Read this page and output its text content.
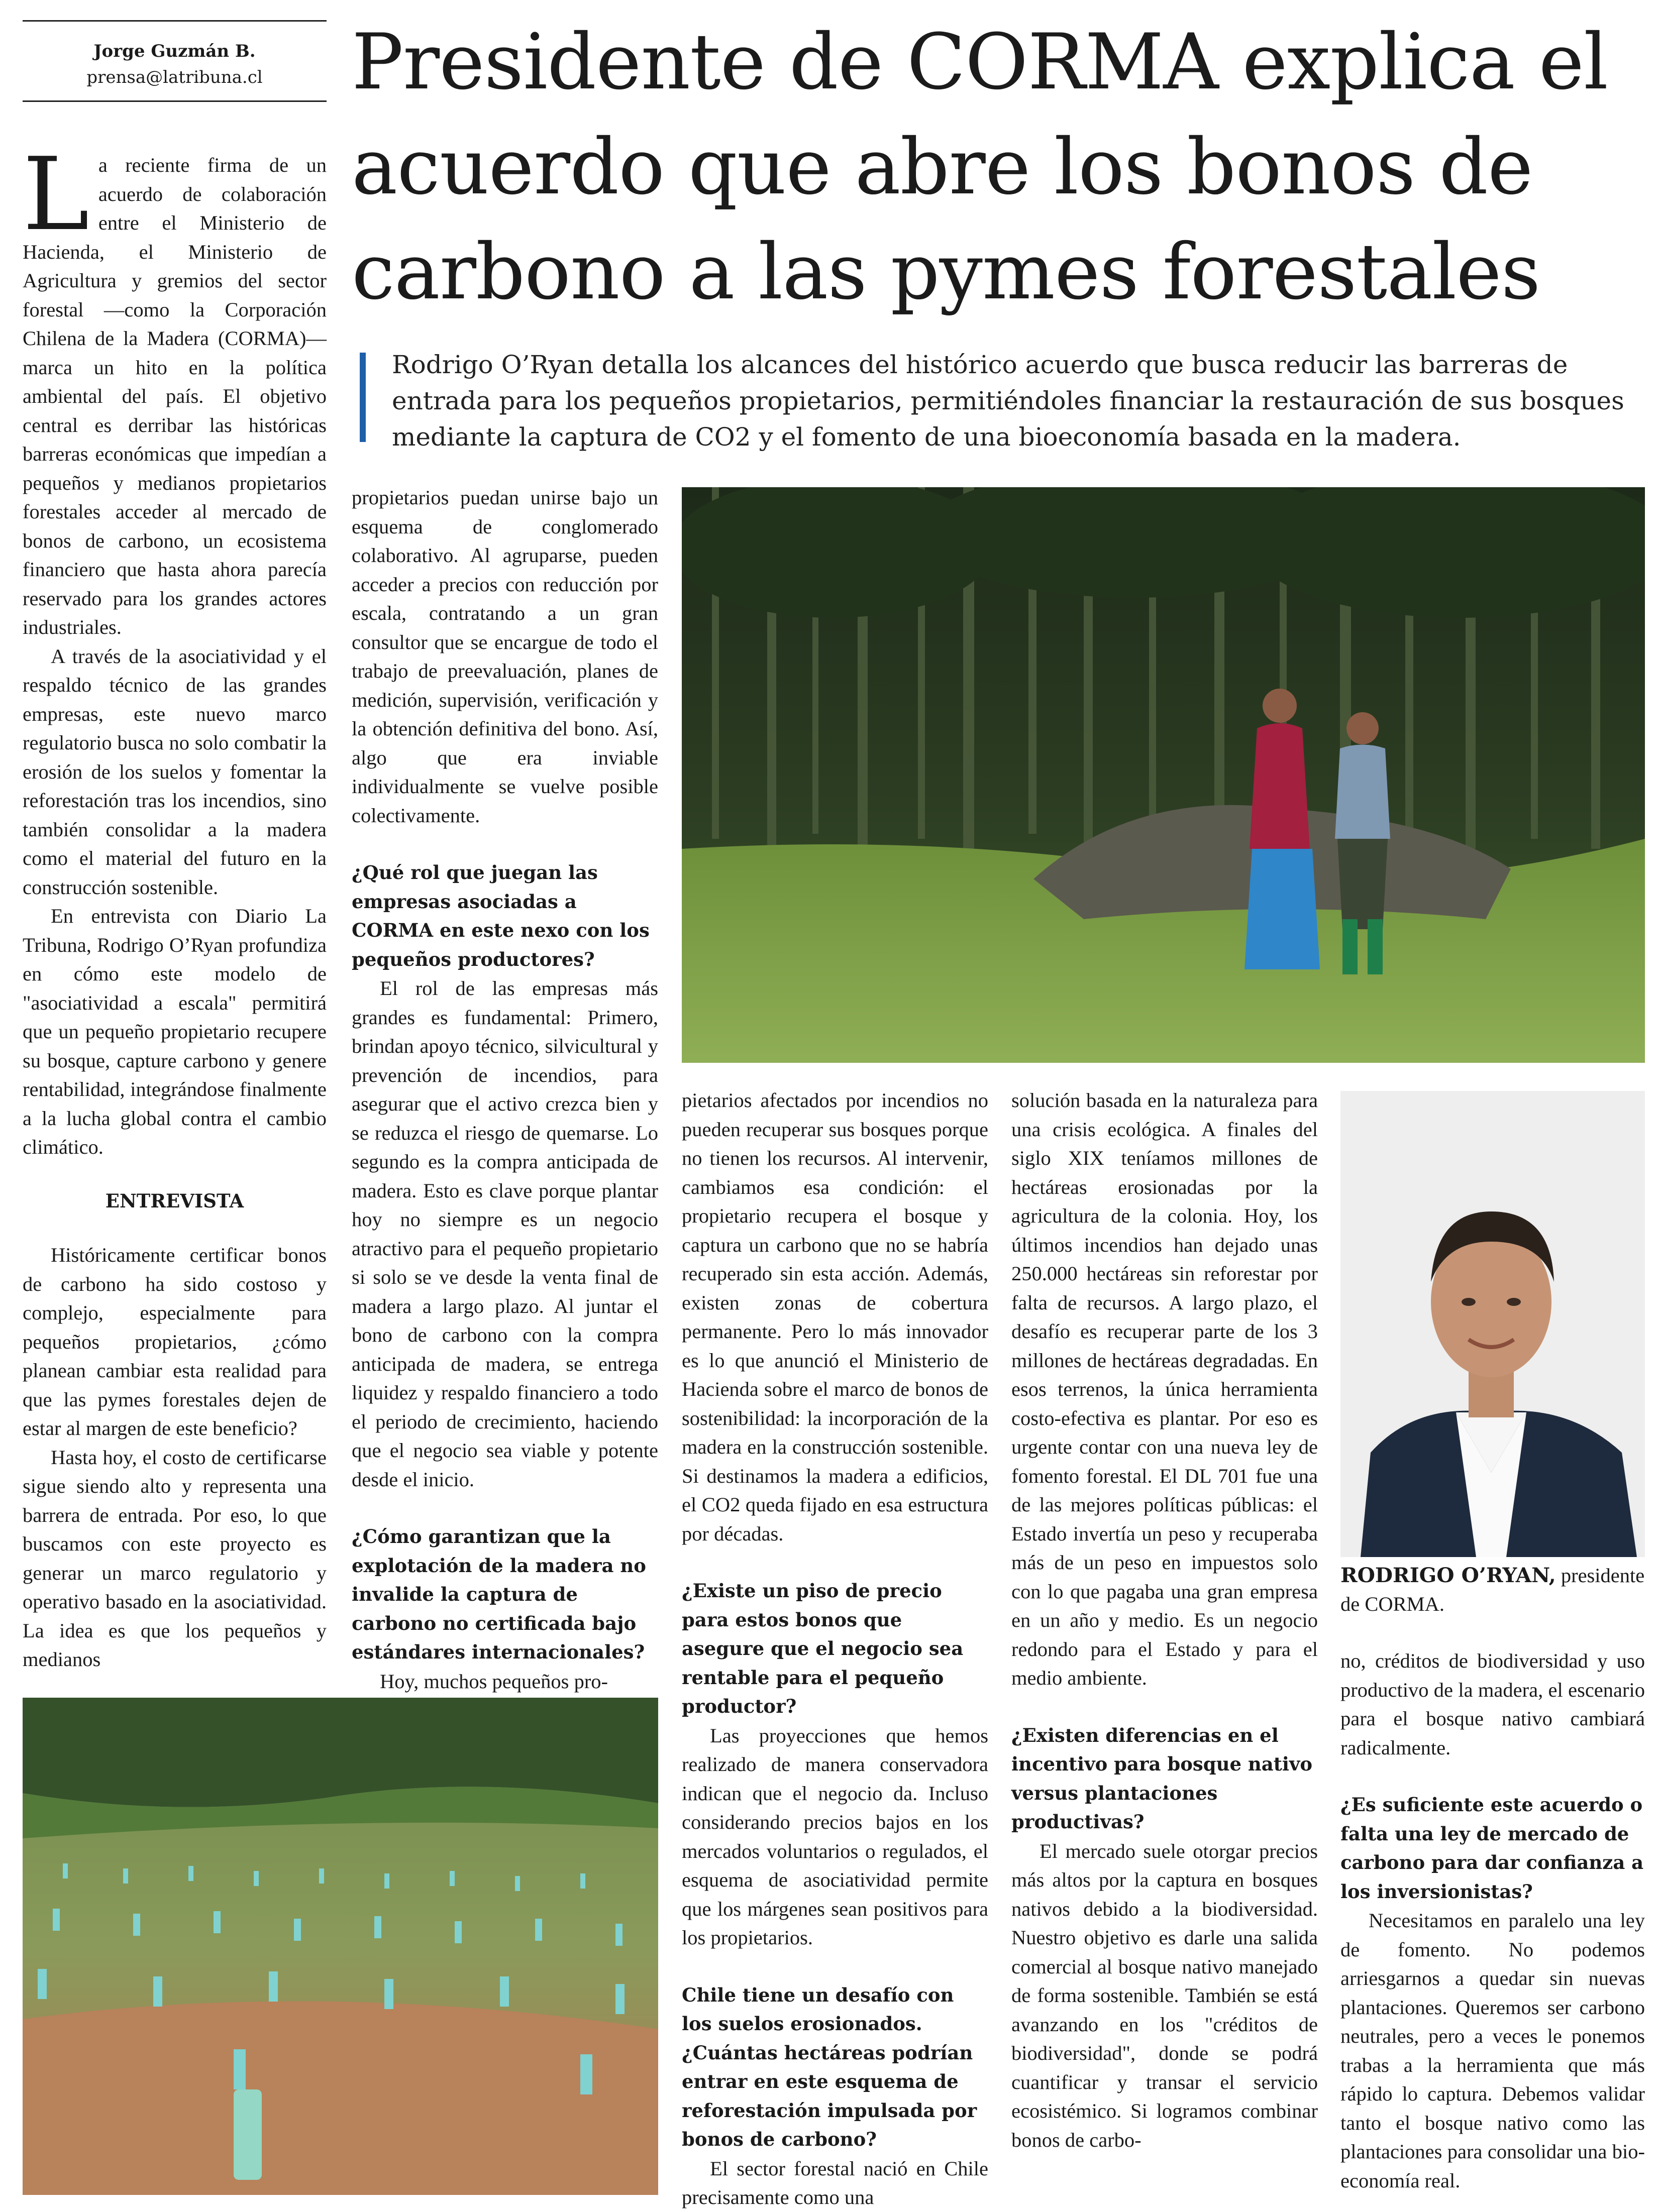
Jorge Guzmán B.
prensa@latribuna.cl	Presidente de CORMA explica el acuerdo que abre los bonos de carbono a las pymes forestales

Rodrigo O’Ryan detalla los alcances del histórico acuerdo que busca reducir las barreras de entrada para los pequeños propietarios, permitiéndoles financiar la restauración de sus bosques mediante la captura de CO2 y el fomento de una bioeconomía basada en la madera.

La reciente firma de un acuerdo de colaboración entre el Ministerio de Hacienda, el Ministerio de Agricultura y gremios del sector forestal —como la Corporación Chilena de la Madera (CORMA)— marca un hito en la política ambiental del país. El objetivo central es derribar las históricas barreras económicas que impedían a pequeños y medianos propietarios forestales acceder al mercado de bonos de carbono, un ecosistema financiero que hasta ahora parecía reservado para los grandes actores industriales.

A través de la asociatividad y el respaldo técnico de las grandes empresas, este nuevo marco regulatorio busca no solo combatir la erosión de los suelos y fomentar la reforestación tras los incendios, sino también consolidar a la madera como el material del futuro en la construcción sostenible.

En entrevista con Diario La Tribuna, Rodrigo O’Ryan profundiza en cómo este modelo de "asociatividad a escala" permitirá que un pequeño propietario recupere su bosque, capture carbono y genere rentabilidad, integrándose finalmente a la lucha global contra el cambio climático.

ENTREVISTA

Históricamente certificar bonos de carbono ha sido costoso y complejo, especialmente para pequeños propietarios, ¿cómo planean cambiar esta realidad para que las pymes forestales dejen de estar al margen de este beneficio?

Hasta hoy, el costo de certificarse sigue siendo alto y representa una barrera de entrada. Por eso, lo que buscamos con este proyecto es generar un marco regulatorio y operativo basado en la asociatividad. La idea es que los pequeños y medianos

propietarios puedan unirse bajo un esquema de conglomerado colaborativo. Al agruparse, pueden acceder a precios con reducción por escala, contratando a un gran consultor que se encargue de todo el trabajo de preevaluación, planes de medición, supervisión, verificación y la obtención definitiva del bono. Así, algo que era inviable individualmente se vuelve posible colectivamente.

¿Qué rol que juegan las empresas asociadas a CORMA en este nexo con los pequeños productores?

El rol de las empresas más grandes es fundamental: Primero, brindan apoyo técnico, silvicultural y prevención de incendios, para asegurar que el activo crezca bien y se reduzca el riesgo de quemarse. Lo segundo es la compra anticipada de madera. Esto es clave porque plantar hoy no siempre es un negocio atractivo para el pequeño propietario si solo se ve desde la venta final de madera a largo plazo. Al juntar el bono de carbono con la compra anticipada de madera, se entrega liquidez y respaldo financiero a todo el periodo de crecimiento, haciendo que el negocio sea viable y potente desde el inicio.

¿Cómo garantizan que la explotación de la madera no invalide la captura de carbono no certificada bajo estándares internacionales?

Hoy, muchos pequeños pro-

pietarios afectados por incendios no pueden recuperar sus bosques porque no tienen los recursos. Al intervenir, cambiamos esa condición: el propietario recupera el bosque y captura un carbono que no se habría recuperado sin esta acción. Además, existen zonas de cobertura permanente. Pero lo más innovador es lo que anunció el Ministerio de Hacienda sobre el marco de bonos de sostenibilidad: la incorporación de la madera en la construcción sostenible. Si destinamos la madera a edificios, el CO2 queda fijado en esa estructura por décadas.

¿Existe un piso de precio para estos bonos que asegure que el negocio sea rentable para el pequeño productor?

Las proyecciones que hemos realizado de manera conservadora indican que el negocio da. Incluso considerando precios bajos en los mercados voluntarios o regulados, el esquema de asociatividad permite que los márgenes sean positivos para los propietarios.

Chile tiene un desafío con los suelos erosionados. ¿Cuántas hectáreas podrían entrar en este esquema de reforestación impulsada por bonos de carbono?

El sector forestal nació en Chile precisamente como una

solución basada en la naturaleza para una crisis ecológica. A finales del siglo XIX teníamos millones de hectáreas erosionadas por la agricultura de la colonia. Hoy, los últimos incendios han dejado unas 250.000 hectáreas sin reforestar por falta de recursos. A largo plazo, el desafío es recuperar parte de los 3 millones de hectáreas degradadas. En esos terrenos, la única herramienta costo-efectiva es plantar. Por eso es urgente contar con una nueva ley de fomento forestal. El DL 701 fue una de las mejores políticas públicas: el Estado invertía un peso y recuperaba más de un peso en impuestos solo con lo que pagaba una gran empresa en un año y medio. Es un negocio redondo para el Estado y para el medio ambiente.

¿Existen diferencias en el incentivo para bosque nativo versus plantaciones productivas?

El mercado suele otorgar precios más altos por la captura en bosques nativos debido a la biodiversidad. Nuestro objetivo es darle una salida comercial al bosque nativo manejado de forma sostenible. También se está avanzando en los "créditos de biodiversidad", donde se podrá cuantificar y transar el servicio ecosistémico. Si logramos combinar bonos de carbo-

RODRIGO O’RYAN, presidente de CORMA.

no, créditos de biodiversidad y uso productivo de la madera, el escenario para el bosque nativo cambiará radicalmente.

¿Es suficiente este acuerdo o falta una ley de mercado de carbono para dar confianza a los inversionistas?

Necesitamos en paralelo una ley de fomento. No podemos arriesgarnos a quedar sin nuevas plantaciones. Queremos ser carbono neutrales, pero a veces le ponemos trabas a la herramienta que más rápido lo captura. Debemos validar tanto el bosque nativo como las plantaciones para consolidar una bio-economía real.
